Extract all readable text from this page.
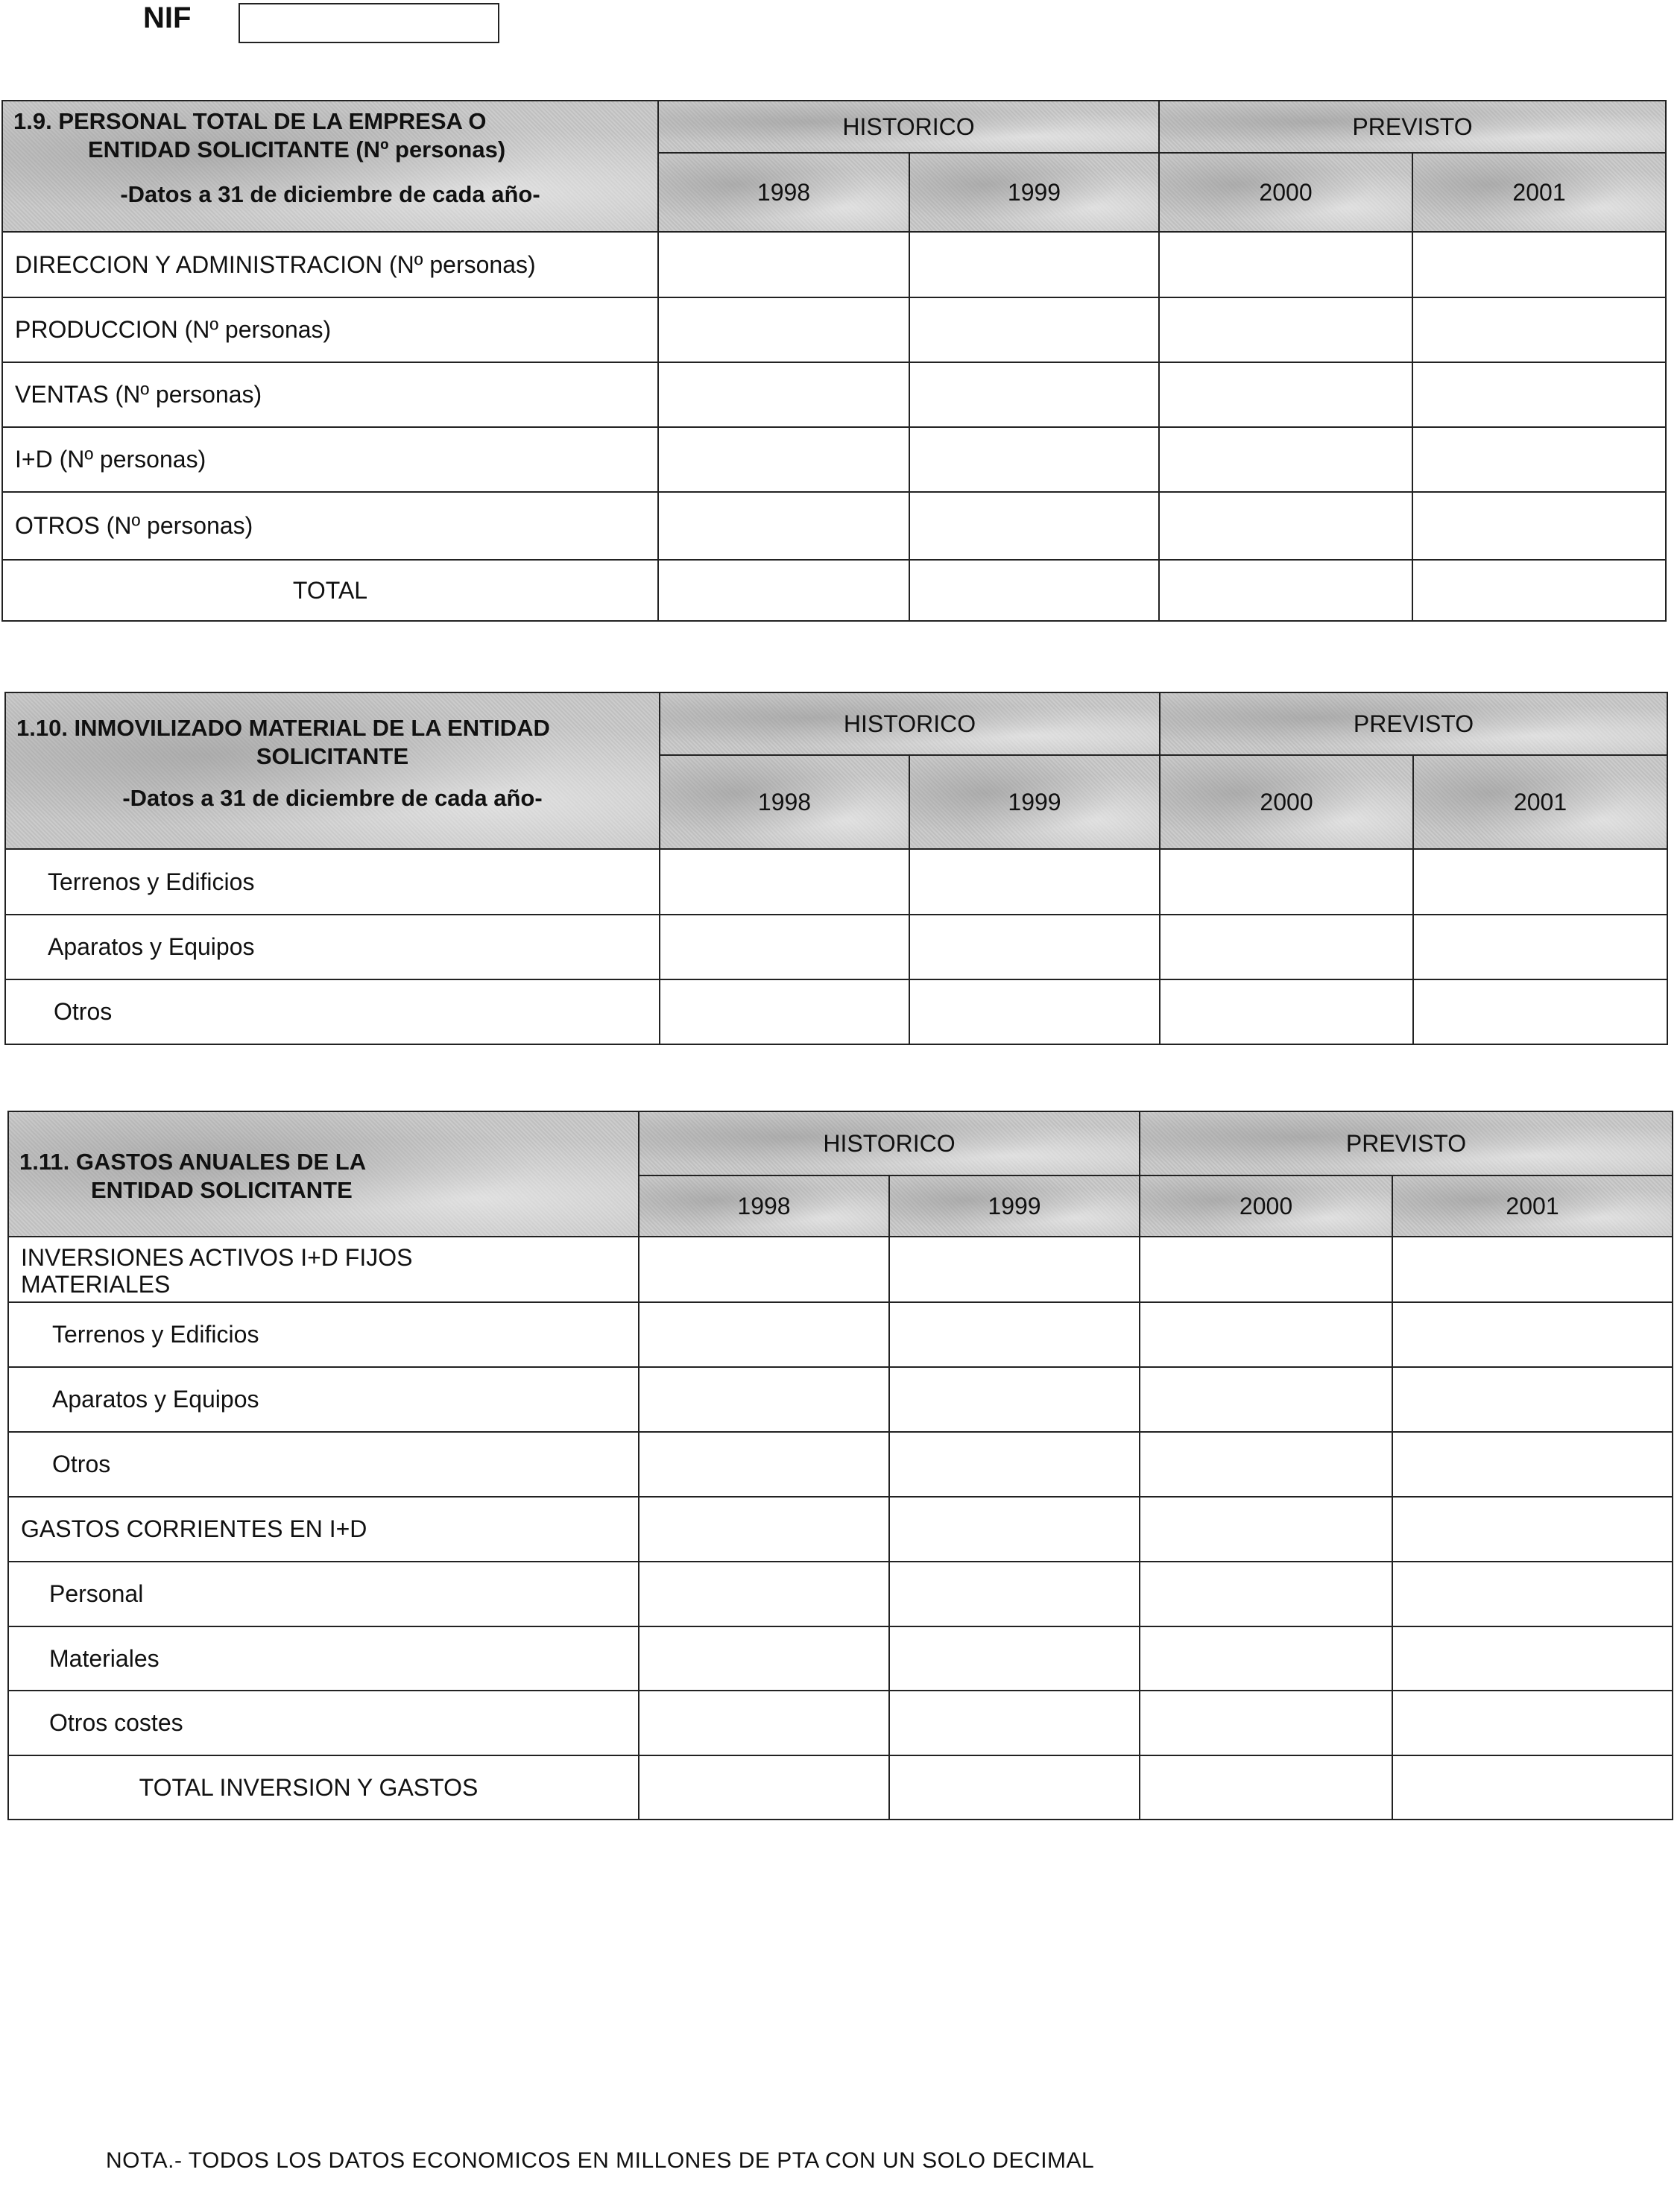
NIF
1.9. PERSONAL TOTAL DE LA EMPRESA O
ENTIDAD SOLICITANTE (Nº personas)
-Datos a 31 de diciembre de cada año-	HISTORICO		PREVISTO	
	1998	1999	2000	2001
DIRECCION Y ADMINISTRACION (Nº personas)				
PRODUCCION (Nº personas)				
VENTAS (Nº personas)				
I+D (Nº personas)				
OTROS (Nº personas)				
TOTAL				
1.10. INMOVILIZADO MATERIAL DE LA ENTIDAD
SOLICITANTE
-Datos a 31 de diciembre de cada año-	HISTORICO		PREVISTO	
	1998	1999	2000	2001
Terrenos y Edificios				
Aparatos y Equipos				
Otros				
1.11. GASTOS ANUALES DE LA
ENTIDAD SOLICITANTE	HISTORICO		PREVISTO	
	1998	1999	2000	2001
INVERSIONES ACTIVOS I+D FIJOS MATERIALES				
Terrenos y Edificios				
Aparatos y Equipos				
Otros				
GASTOS CORRIENTES EN I+D				
Personal				
Materiales				
Otros costes				
TOTAL INVERSION Y GASTOS				
NOTA.- TODOS LOS DATOS ECONOMICOS EN MILLONES DE PTA CON UN SOLO DECIMAL
